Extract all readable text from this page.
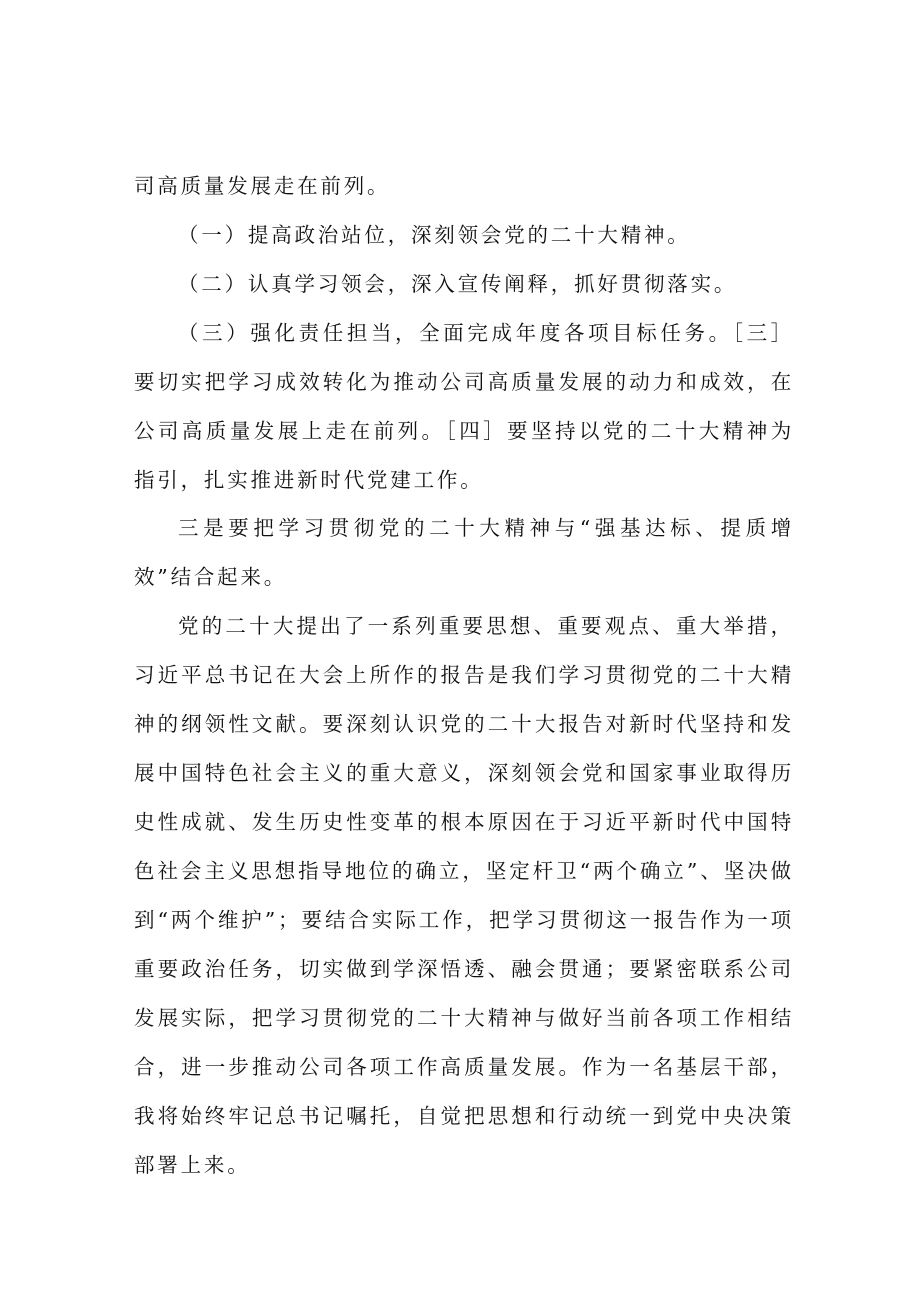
司高质量发展走在前列。

（一）提高政治站位，深刻领会党的二十大精神。

（二）认真学习领会，深入宣传阐释，抓好贯彻落实。

（三）强化责任担当，全面完成年度各项目标任务。［三］要切实把学习成效转化为推动公司高质量发展的动力和成效，在公司高质量发展上走在前列。［四］要坚持以党的二十大精神为指引，扎实推进新时代党建工作。

三是要把学习贯彻党的二十大精神与“强基达标、提质增效”结合起来。

党的二十大提出了一系列重要思想、重要观点、重大举措，习近平总书记在大会上所作的报告是我们学习贯彻党的二十大精神的纲领性文献。要深刻认识党的二十大报告对新时代坚持和发展中国特色社会主义的重大意义，深刻领会党和国家事业取得历史性成就、发生历史性变革的根本原因在于习近平新时代中国特色社会主义思想指导地位的确立，坚定杆卫“两个确立”、坚决做到“两个维护”；要结合实际工作，把学习贯彻这一报告作为一项重要政治任务，切实做到学深悟透、融会贯通；要紧密联系公司发展实际，把学习贯彻党的二十大精神与做好当前各项工作相结合，进一步推动公司各项工作高质量发展。作为一名基层干部，我将始终牢记总书记嘱托，自觉把思想和行动统一到党中央决策部署上来。
